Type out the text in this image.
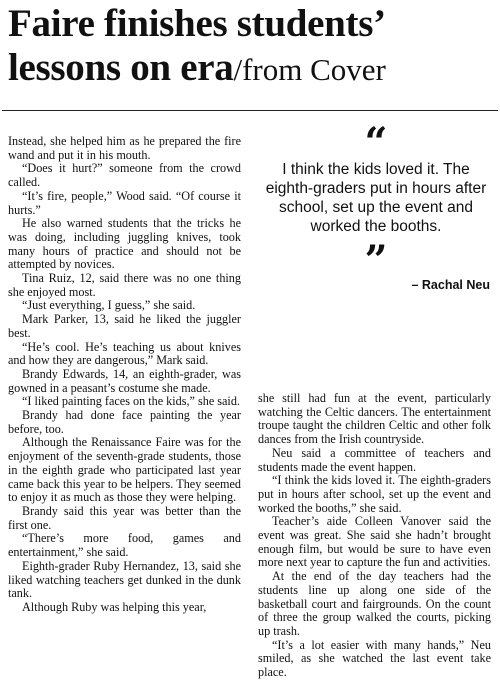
Faire finishes students’
lessons on era/from Cover

Instead, she helped him as he prepared the fire wand and put it in his mouth.

“Does it hurt?” someone from the crowd called.

“It’s fire, people,” Wood said. “Of course it hurts.”

He also warned students that the tricks he was doing, including juggling knives, took many hours of practice and should not be attempted by novices.

Tina Ruiz, 12, said there was no one thing she enjoyed most.

“Just everything, I guess,” she said.

Mark Parker, 13, said he liked the juggler best.

“He’s cool. He’s teaching us about knives and how they are dangerous,” Mark said.

Brandy Edwards, 14, an eighth-grader, was gowned in a peasant’s costume she made.

“I liked painting faces on the kids,” she said.

Brandy had done face painting the year before, too.

Although the Renaissance Faire was for the enjoyment of the seventh-grade students, those in the eighth grade who participated last year came back this year to be helpers. They seemed to enjoy it as much as those they were helping.

Brandy said this year was better than the first one.

“There’s more food, games and entertainment,” she said.

Eighth-grader Ruby Hernandez, 13, said she liked watching teachers get dunked in the dunk tank.

Although Ruby was helping this year,

“
I think the kids loved it. The eighth-graders put in hours after school, set up the event and worked the booths.
”
– Rachal Neu

she still had fun at the event, particularly watching the Celtic dancers. The entertainment troupe taught the children Celtic and other folk dances from the Irish countryside.

Neu said a committee of teachers and students made the event happen.

“I think the kids loved it. The eighth-graders put in hours after school, set up the event and worked the booths,” she said.

Teacher’s aide Colleen Vanover said the event was great. She said she hadn’t brought enough film, but would be sure to have even more next year to capture the fun and activities.

At the end of the day teachers had the students line up along one side of the basketball court and fairgrounds. On the count of three the group walked the courts, picking up trash.

“It’s a lot easier with many hands,” Neu smiled, as she watched the last event take place.
